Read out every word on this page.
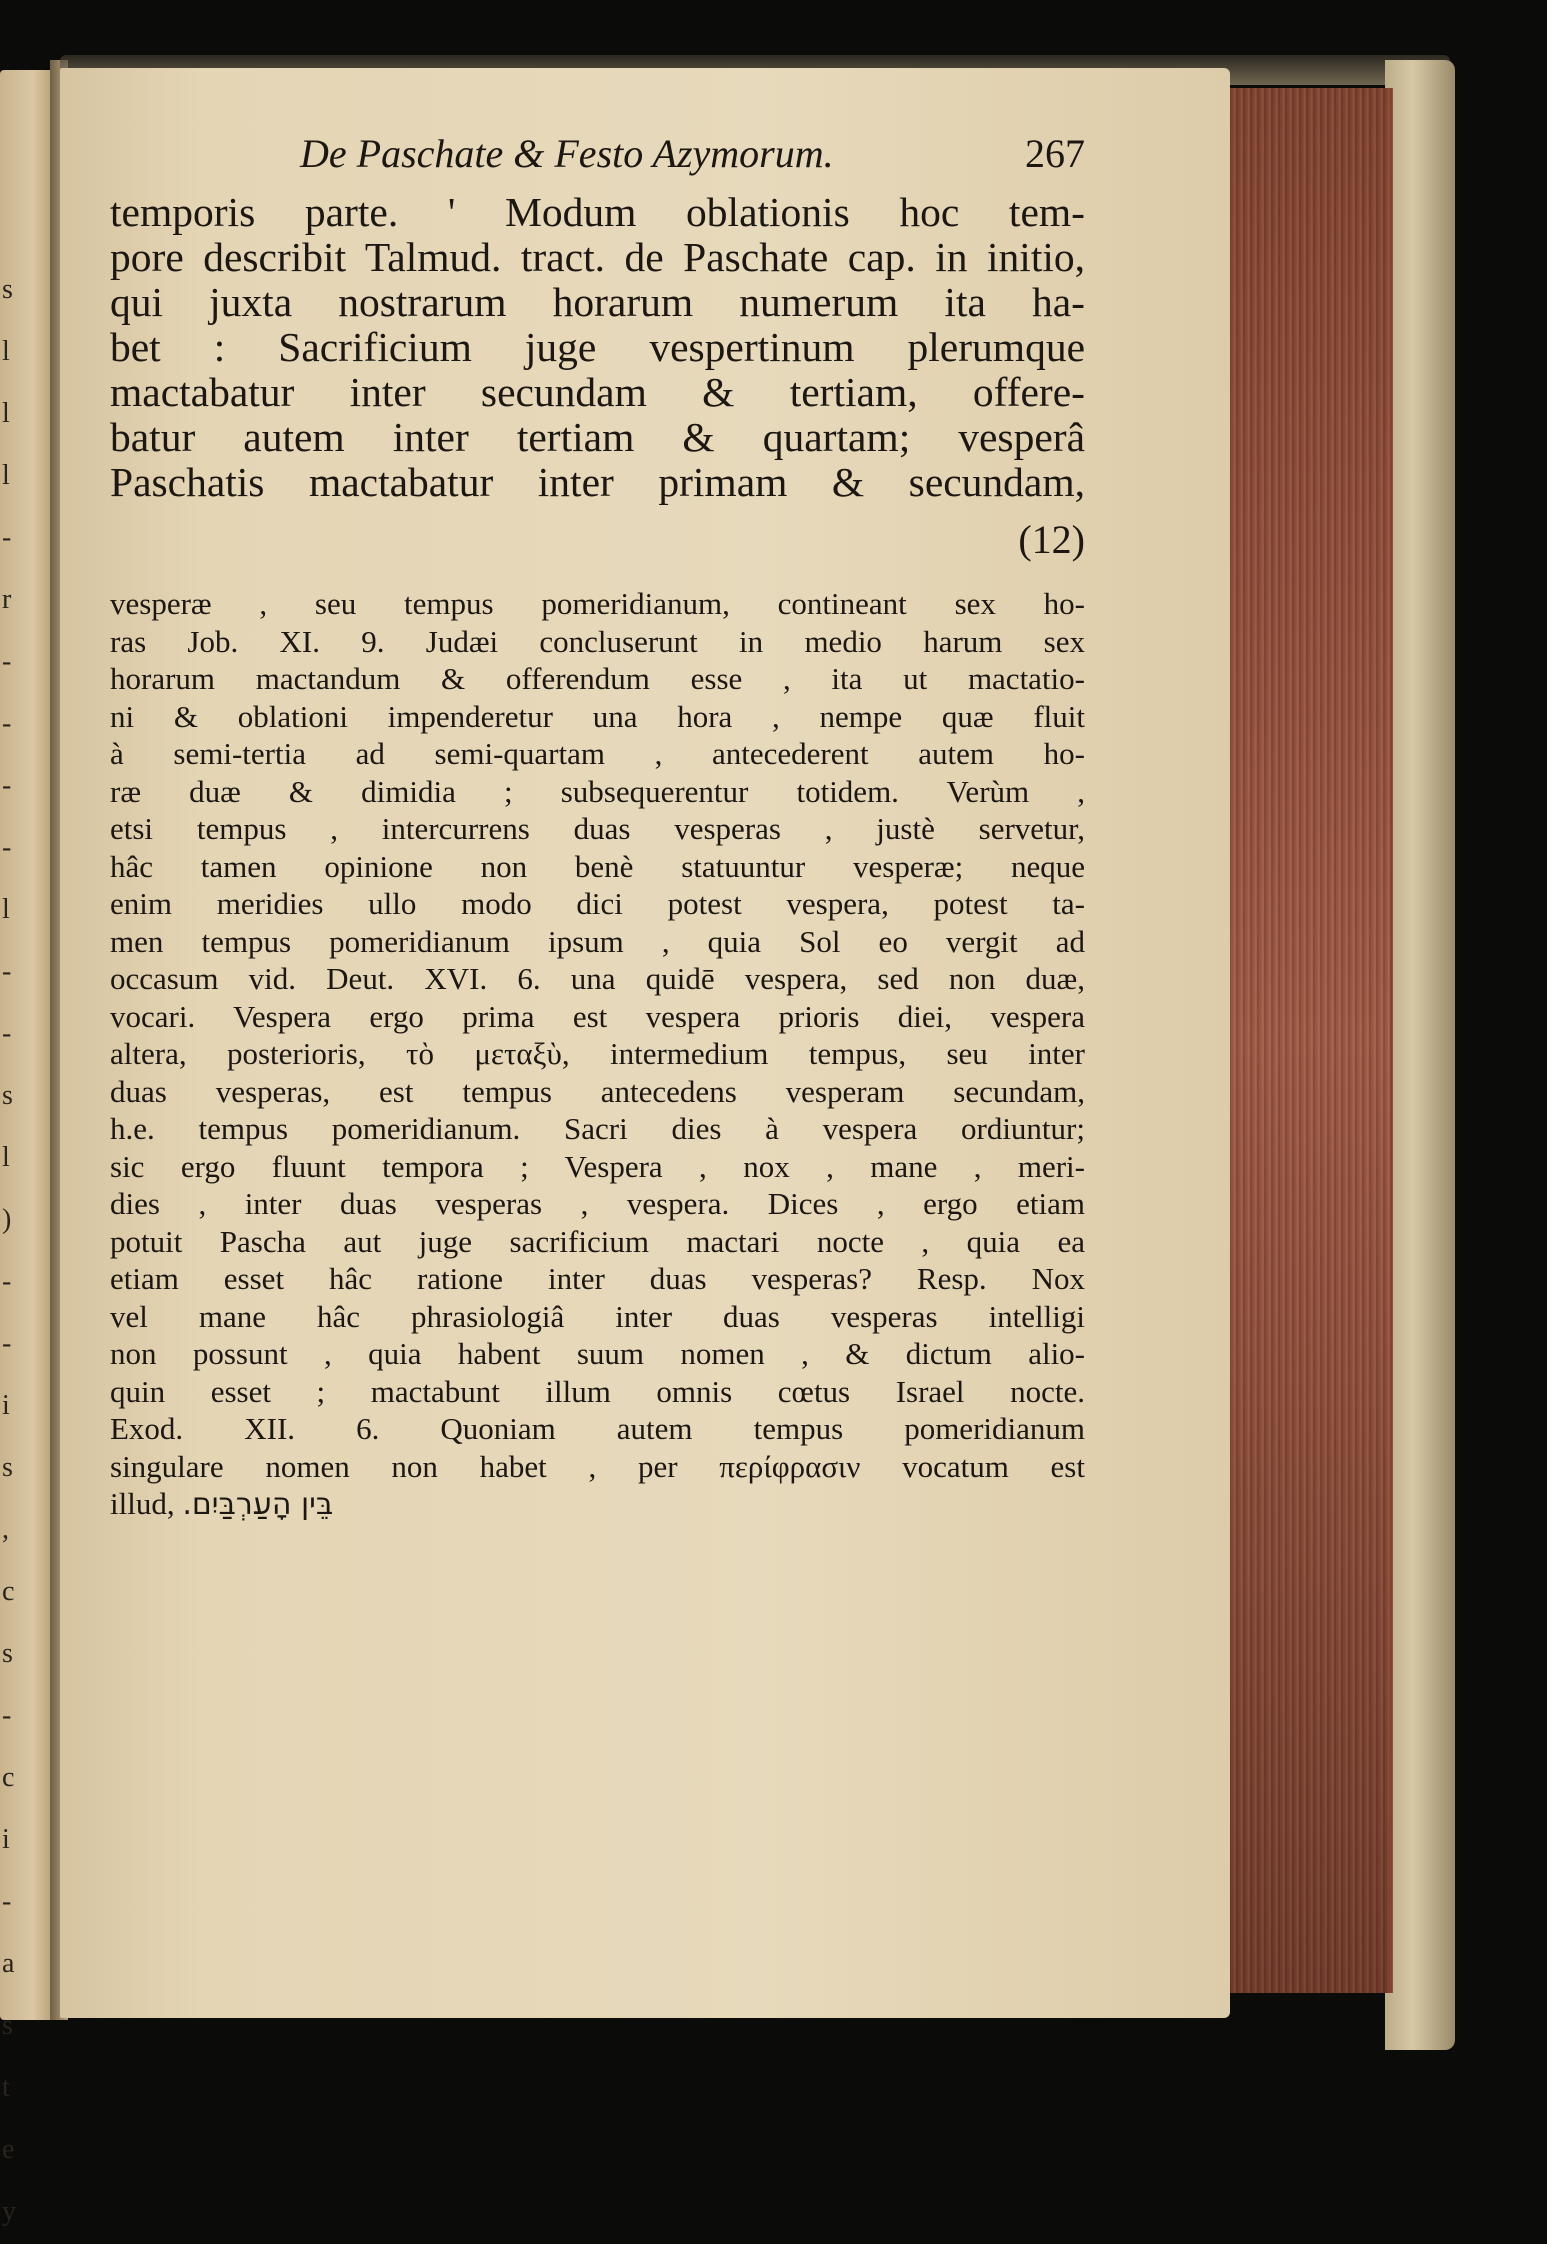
s
l
l
l
-
r
-
-
-
-
l
-
-
s
l
)
-
-
i
s
,
c
s
-
c
i
-
a
s
t
e
y
De Paschate & Festo Azymorum.	267
temporis parte. ' Modum oblationis hoc tem-
pore describit Talmud. tract. de Paschate cap. in initio,
qui juxta nostrarum horarum numerum ita ha-
bet : Sacrificium juge vespertinum plerumque
mactabatur inter secundam & tertiam, offere-
batur autem inter tertiam & quartam; vesperâ
Paschatis mactabatur inter primam & secundam,
(12)
vesperæ , seu tempus pomeridianum, contineant sex ho-
ras Job. XI. 9. Judæi concluserunt in medio harum sex
horarum mactandum & offerendum esse , ita ut mactatio-
ni & oblationi impenderetur una hora , nempe quæ fluit
à semi-tertia ad semi-quartam , antecederent autem ho-
ræ duæ & dimidia ; subsequerentur totidem. Verùm ,
etsi tempus , intercurrens duas vesperas , justè servetur,
hâc tamen opinione non benè statuuntur vesperæ; neque
enim meridies ullo modo dici potest vespera, potest ta-
men tempus pomeridianum ipsum , quia Sol eo vergit ad
occasum vid. Deut. XVI. 6. una quidē vespera, sed non duæ,
vocari. Vespera ergo prima est vespera prioris diei, vespera
altera, posterioris, τὸ μεταξὺ, intermedium tempus, seu inter
duas vesperas, est tempus antecedens vesperam secundam,
h.e. tempus pomeridianum. Sacri dies à vespera ordiuntur;
sic ergo fluunt tempora ; Vespera , nox , mane , meri-
dies , inter duas vesperas , vespera. Dices , ergo etiam
potuit Pascha aut juge sacrificium mactari nocte , quia ea
etiam esset hâc ratione inter duas vesperas? Resp. Nox
vel mane hâc phrasiologiâ inter duas vesperas intelligi
non possunt , quia habent suum nomen , & dictum alio-
quin esset ; mactabunt illum omnis cœtus Israel nocte.
Exod. XII. 6. Quoniam autem tempus pomeridianum
singulare nomen non habet , per περίφρασιν vocatum est
illud, בֵּין הָעַרְבַּיִם.
